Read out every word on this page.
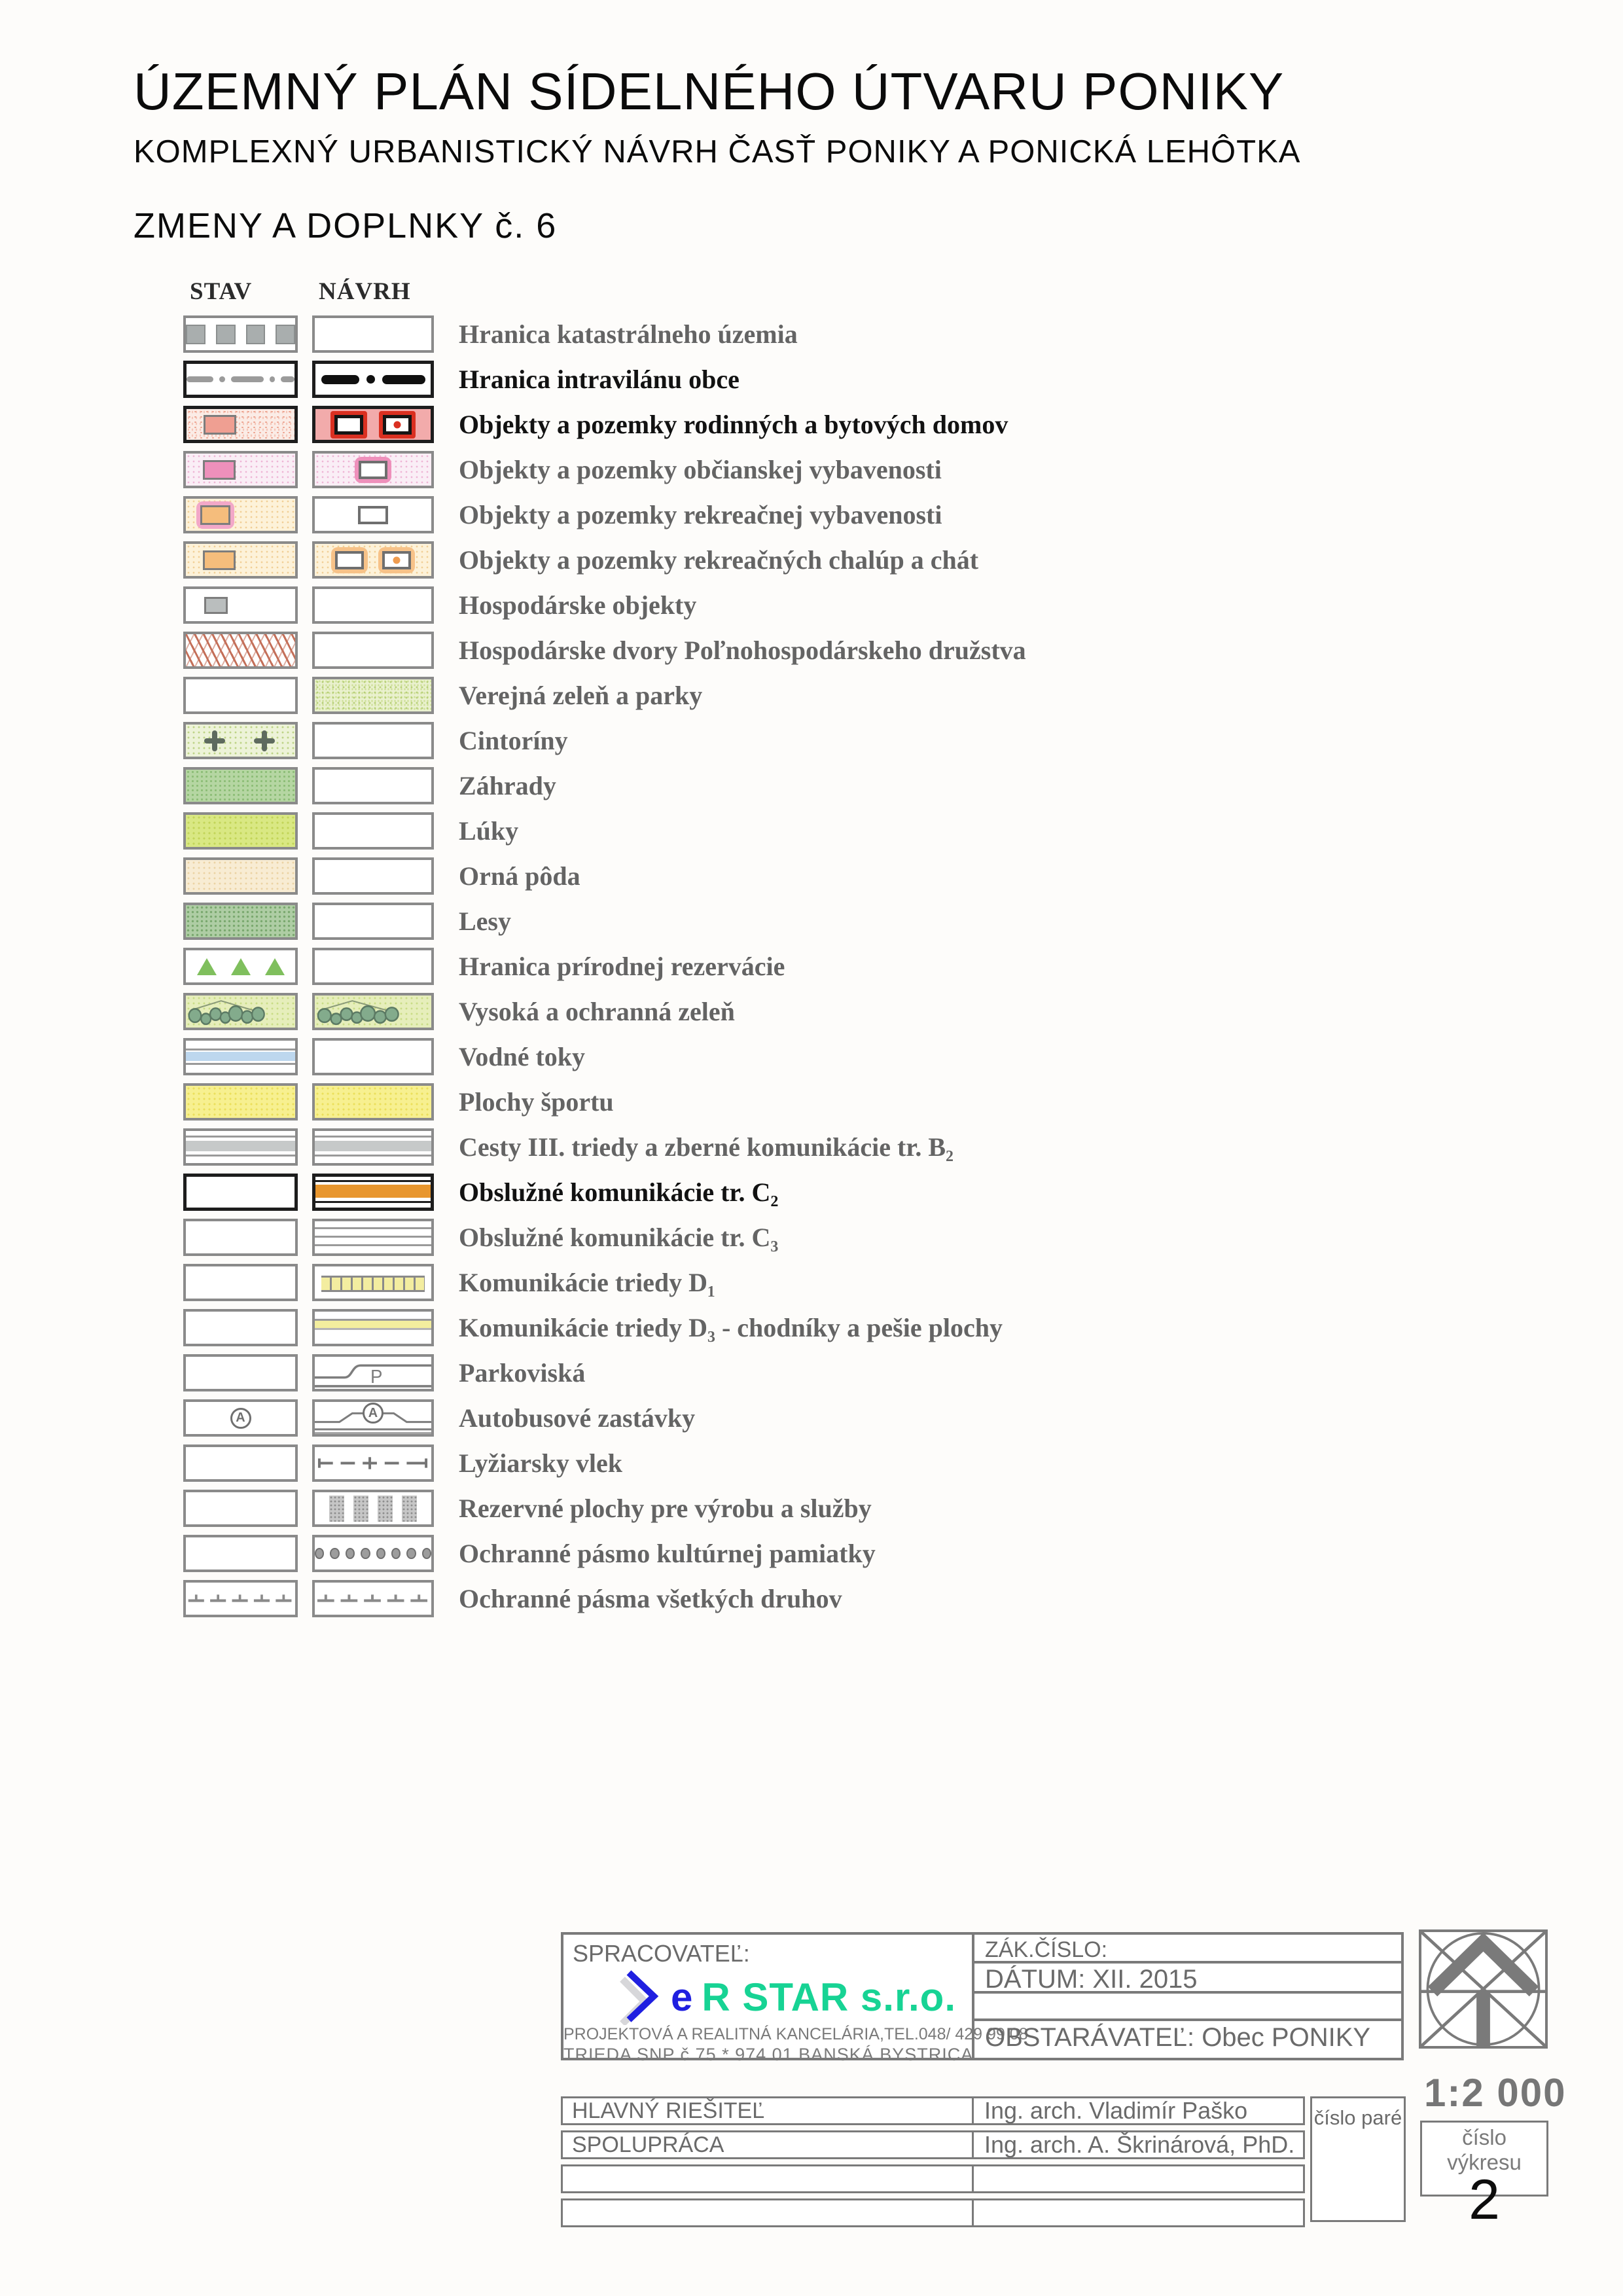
ÚZEMNÝ PLÁN SÍDELNÉHO ÚTVARU PONIKY
KOMPLEXNÝ URBANISTICKÝ NÁVRH ČASŤ PONIKY A PONICKÁ LEHÔTKA
ZMENY A DOPLNKY č. 6
STAV	NÁVRH
Hranica katastrálneho územia
Hranica intravilánu obce
Objekty a pozemky rodinných a bytových domov
Objekty a pozemky občianskej vybavenosti
Objekty a pozemky rekreačnej vybavenosti
Objekty a pozemky rekreačných chalúp a chát
Hospodárske objekty
Hospodárske dvory Poľnohospodárskeho družstva
Verejná zeleň a parky
Cintoríny
Záhrady
Lúky
Orná pôda
Lesy
Hranica prírodnej rezervácie
Vysoká a ochranná zeleň
Vodné toky
Plochy športu
Cesty III. triedy a zberné komunikácie tr. B₂
Obslužné komunikácie tr. C₂
Obslužné komunikácie tr. C₃
Komunikácie triedy D₁
Komunikácie triedy D₃ - chodníky a pešie plochy
P	Parkoviská
A	A	Autobusové zastávky
Lyžiarsky vlek
Rezervné plochy pre výrobu a služby
Ochranné pásmo kultúrnej pamiatky
Ochranné pásma všetkých druhov
SPRACOVATEĽ:
e R STAR s.r.o.
PROJEKTOVÁ A REALITNÁ KANCELÁRIA,TEL.048/ 429 99 08
TRIEDA SNP č.75 * 974 01 BANSKÁ BYSTRICA
ZÁK.ČÍSLO:
DÁTUM: XII. 2015
OBSTARÁVATEĽ: Obec PONIKY
HLAVNÝ RIEŠITEĽ	Ing. arch. Vladimír Paško
SPOLUPRÁCA	Ing. arch. A. Škrinárová, PhD.
číslo paré
1:2 000
číslo výkresu
2
